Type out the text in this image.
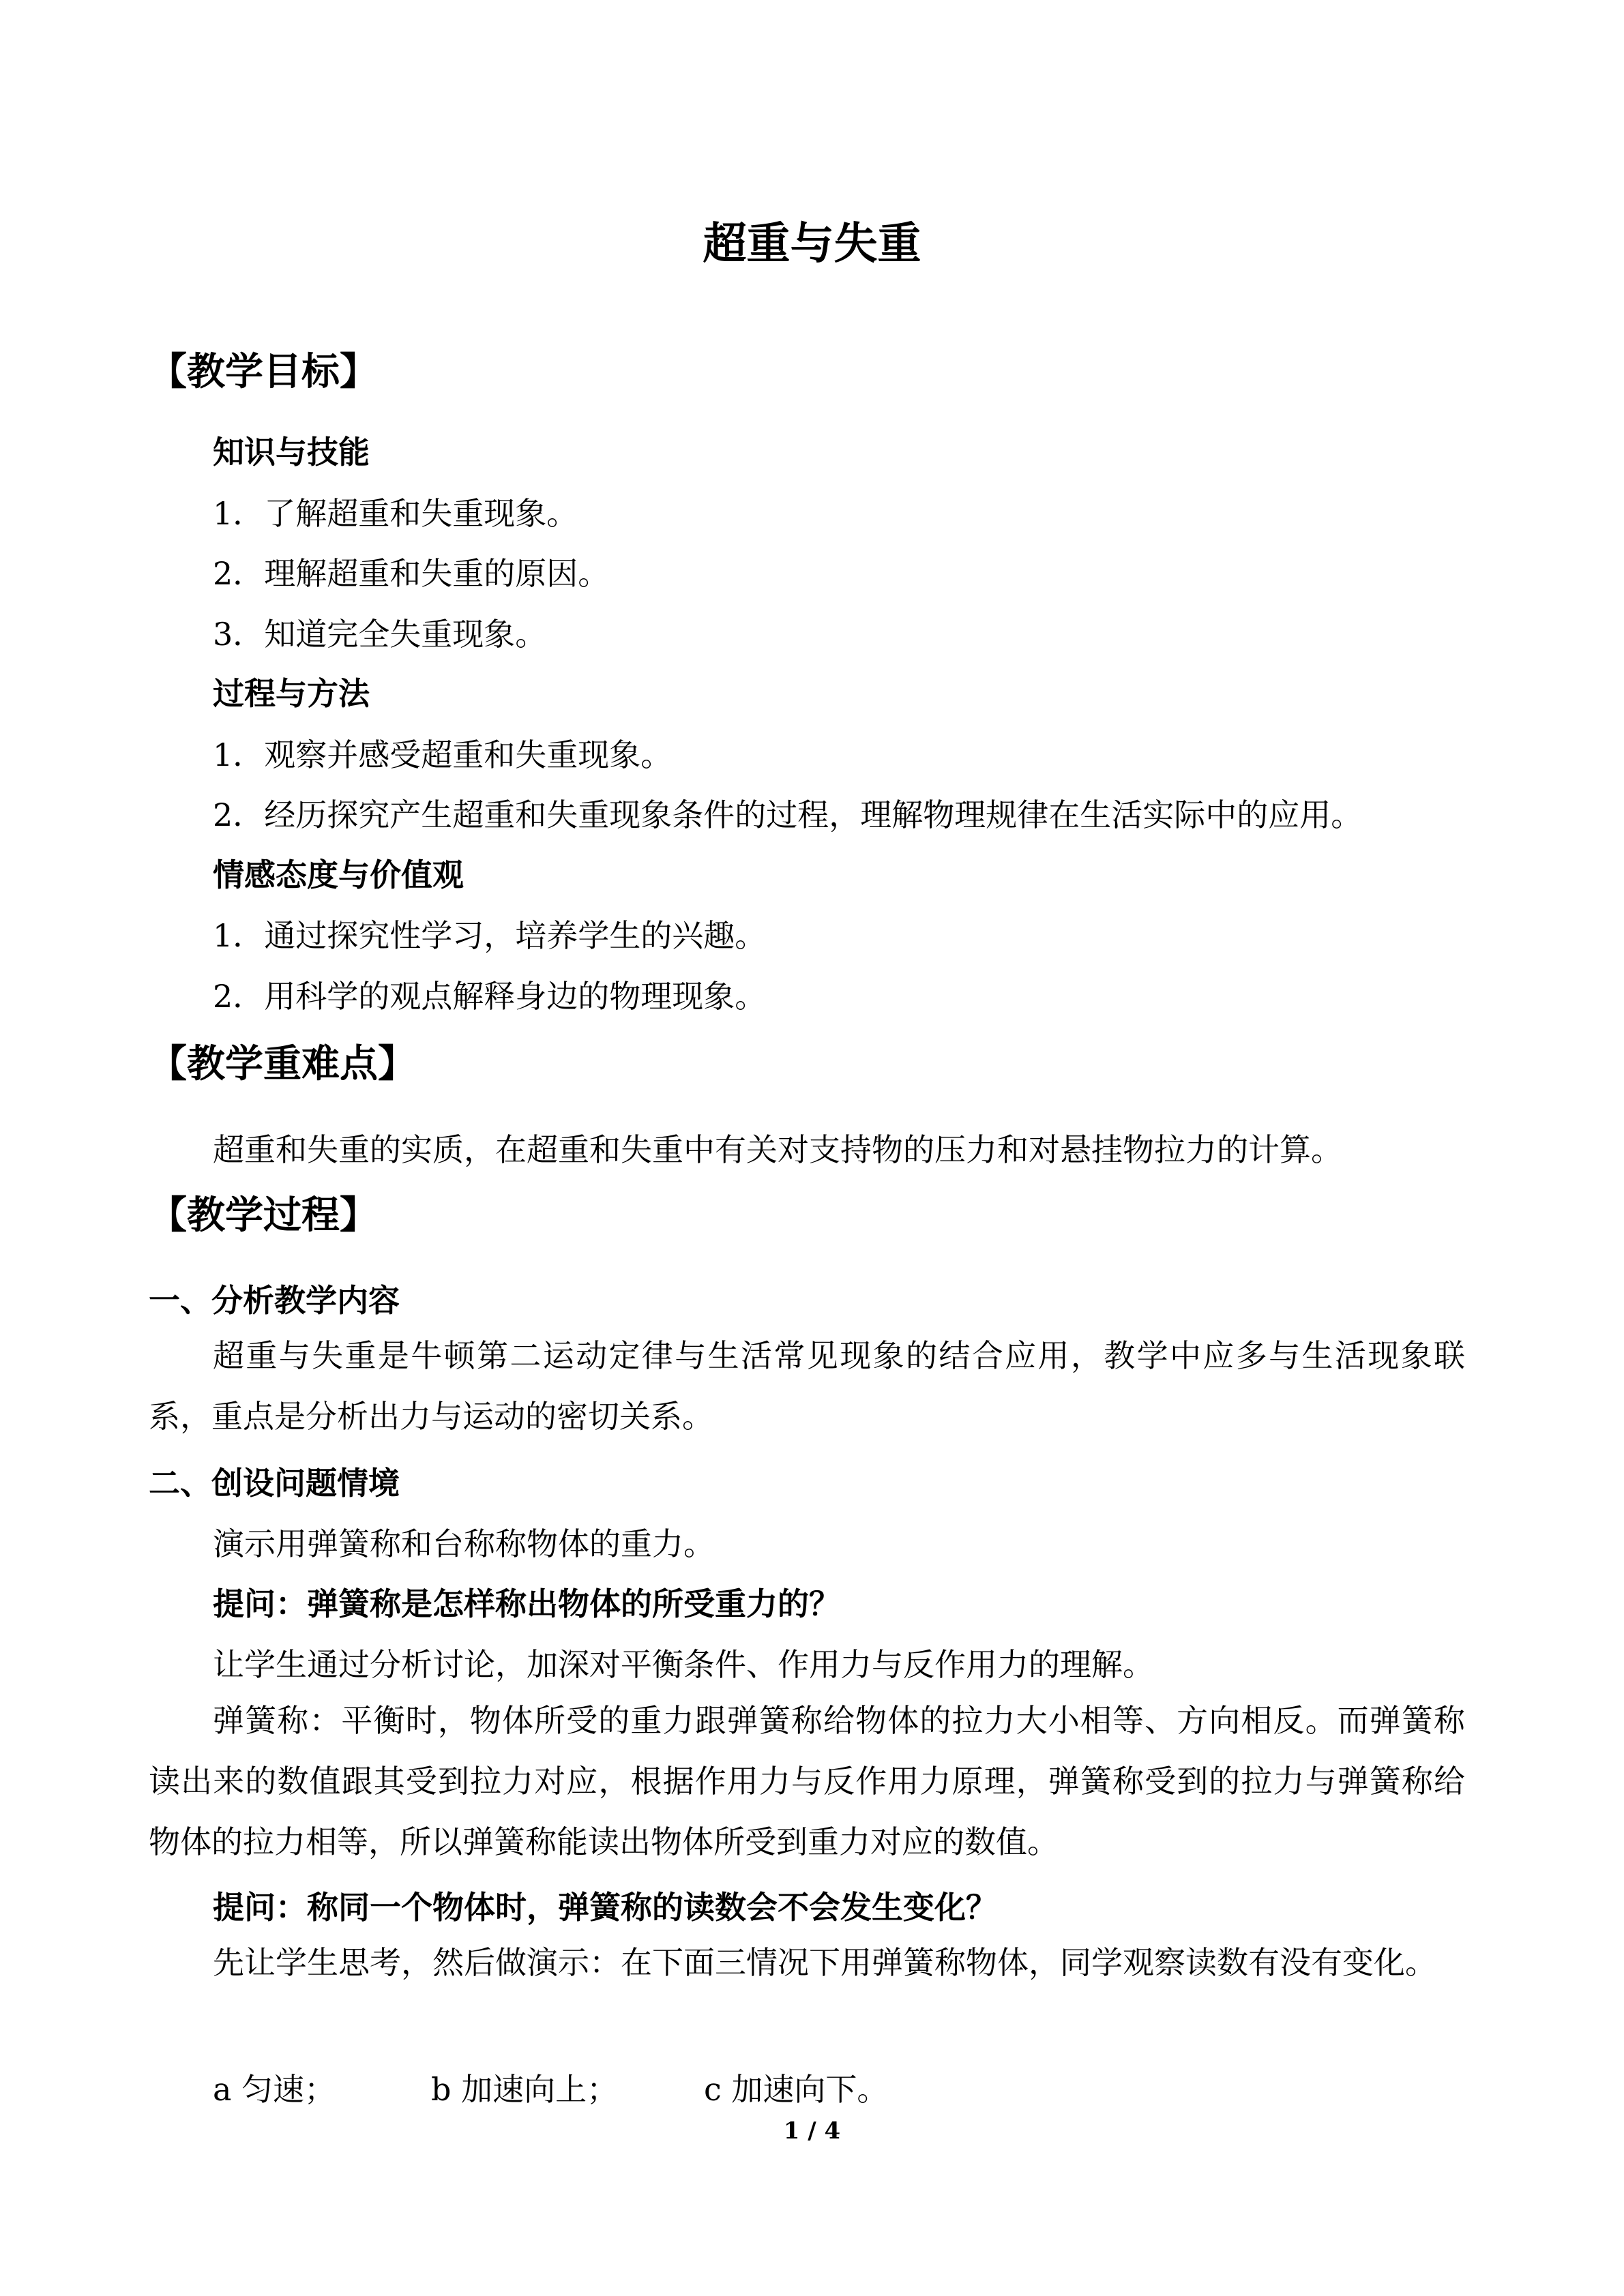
超重与失重
【教学目标】
知识与技能
1．了解超重和失重现象。
2．理解超重和失重的原因。
3．知道完全失重现象。
过程与方法
1．观察并感受超重和失重现象。
2．经历探究产生超重和失重现象条件的过程，理解物理规律在生活实际中的应用。
情感态度与价值观
1．通过探究性学习，培养学生的兴趣。
2．用科学的观点解释身边的物理现象。
【教学重难点】
超重和失重的实质，在超重和失重中有关对支持物的压力和对悬挂物拉力的计算。
【教学过程】
一、分析教学内容
超重与失重是牛顿第二运动定律与生活常见现象的结合应用，教学中应多与生活现象联系，重点是分析出力与运动的密切关系。
二、创设问题情境
演示用弹簧称和台称称物体的重力。
提问：弹簧称是怎样称出物体的所受重力的？
让学生通过分析讨论，加深对平衡条件、作用力与反作用力的理解。
弹簧称：平衡时，物体所受的重力跟弹簧称给物体的拉力大小相等、方向相反。而弹簧称读出来的数值跟其受到拉力对应，根据作用力与反作用力原理，弹簧称受到的拉力与弹簧称给物体的拉力相等，所以弹簧称能读出物体所受到重力对应的数值。
提问：称同一个物体时，弹簧称的读数会不会发生变化？
先让学生思考，然后做演示：在下面三情况下用弹簧称物体，同学观察读数有没有变化。
a 匀速；	b 加速向上；	c 加速向下。
1 / 4
